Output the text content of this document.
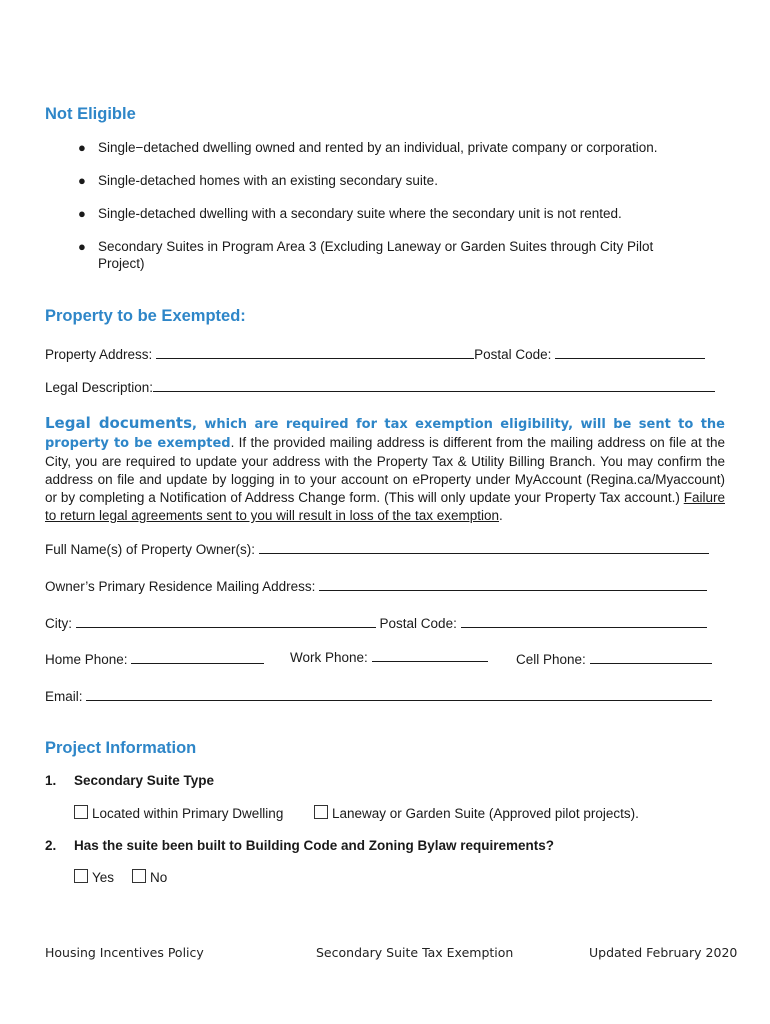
Not Eligible
● Single−detached dwelling owned and rented by an individual, private company or corporation.
● Single-detached homes with an existing secondary suite.
● Single-detached dwelling with a secondary suite where the secondary unit is not rented.
● Secondary Suites in Program Area 3 (Excluding Laneway or Garden Suites through City Pilot Project)
Property to be Exempted:
Property Address:	Postal Code:
Legal Description:
Legal documents, which are required for tax exemption eligibility, will be sent to the property to be exempted. If the provided mailing address is different from the mailing address on file at the City, you are required to update your address with the Property Tax & Utility Billing Branch. You may confirm the address on file and update by logging in to your account on eProperty under MyAccount (Regina.ca/Myaccount) or by completing a Notification of Address Change form. (This will only update your Property Tax account.) Failure to return legal agreements sent to you will result in loss of the tax exemption.
Full Name(s) of Property Owner(s):
Owner’s Primary Residence Mailing Address:
City:	Postal Code:
Home Phone:	Work Phone:	Cell Phone:
Email:
Project Information
1. Secondary Suite Type
Located within Primary Dwelling	Laneway or Garden Suite (Approved pilot projects).
2. Has the suite been built to Building Code and Zoning Bylaw requirements?
Yes	No
Housing Incentives Policy	Secondary Suite Tax Exemption	Updated February 2020
